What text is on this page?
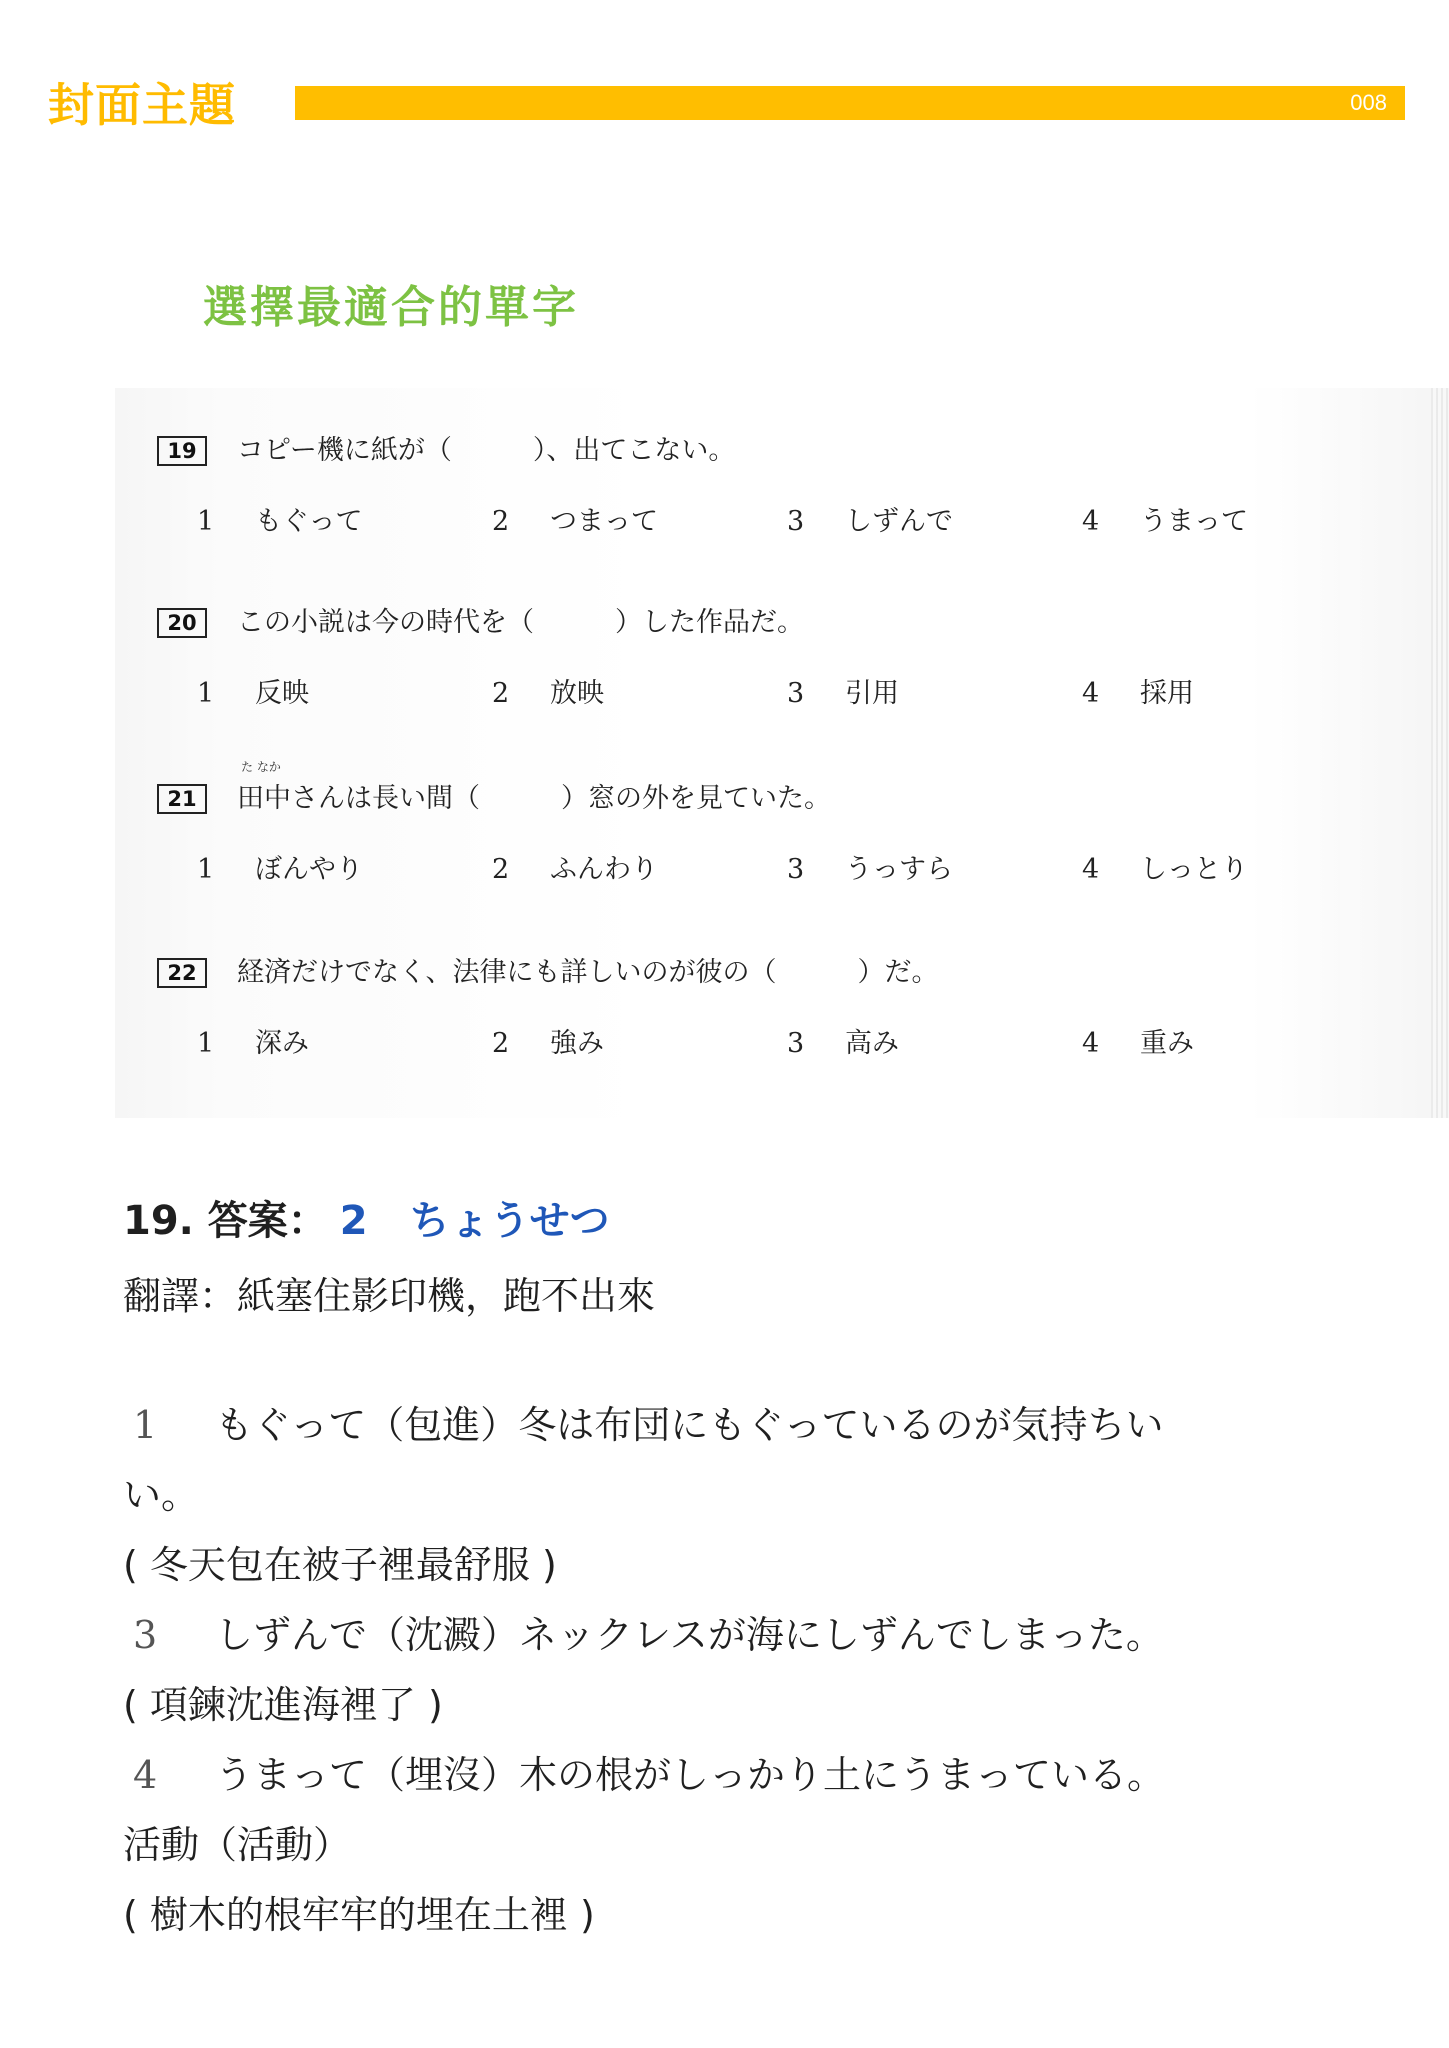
封面主題	008
選擇最適合的單字
19	コピー機に紙が（　　　）、出てこない。
1 もぐって	2 つまって	3 しずんで	4 うまって
20	この小説は今の時代を（　　　）した作品だ。
1 反映	2 放映	3 引用	4 採用
21
た なか
田中さんは長い間（　　　）窓の外を見ていた。
1 ぼんやり	2 ふんわり	3 うっすら	4 しっとり
22	経済だけでなく、法律にも詳しいのが彼の（　　　）だ。
1 深み	2 強み	3 高み	4 重み
19. 答案： 2 ちょうせつ
翻譯：紙塞住影印機，跑不出來
1 もぐって（包進）冬は布団にもぐっているのが気持ちい
い。
( 冬天包在被子裡最舒服 )
3 しずんで（沈澱）ネックレスが海にしずんでしまった。
( 項鍊沈進海裡了 )
4 うまって（埋沒）木の根がしっかり土にうまっている。
活動（活動）
( 樹木的根牢牢的埋在土裡 )
